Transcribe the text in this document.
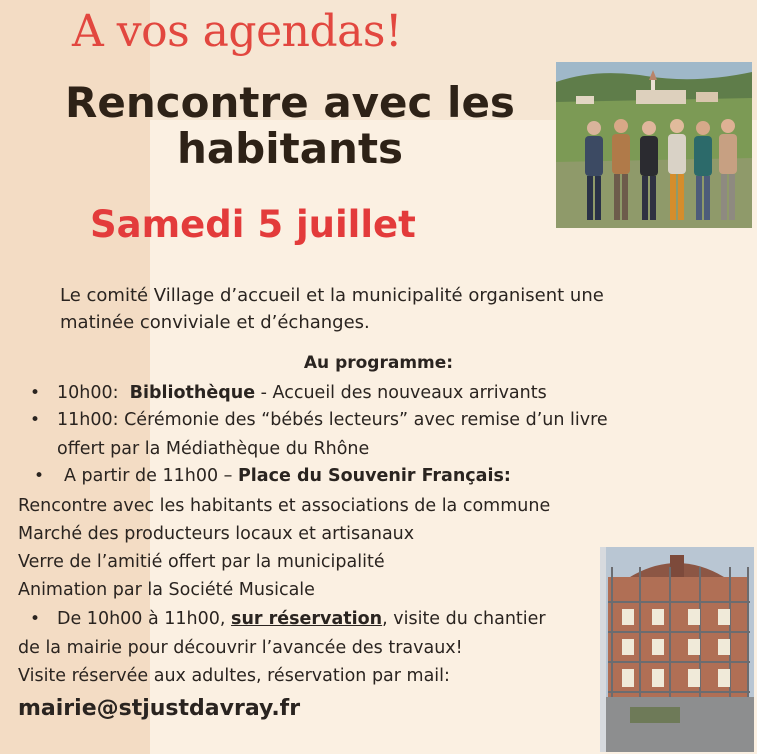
A vos agendas!
Rencontre avec les
habitants
Samedi 5 juillet
Le comité Village d’accueil et la municipalité organisent une
matinée conviviale et d’échanges.
Au programme:
• 10h00: Bibliothèque - Accueil des nouveaux arrivants
• 11h00: Cérémonie des “bébés lecteurs” avec remise d’un livre
offert par la Médiathèque du Rhône
• A partir de 11h00 – Place du Souvenir Français:
Rencontre avec les habitants et associations de la commune
Marché des producteurs locaux et artisanaux
Verre de l’amitié offert par la municipalité
Animation par la Société Musicale
• De 10h00 à 11h00, sur réservation, visite du chantier
de la mairie pour découvrir l’avancée des travaux!
Visite réservée aux adultes, réservation par mail:
mairie@stjustdavray.fr
